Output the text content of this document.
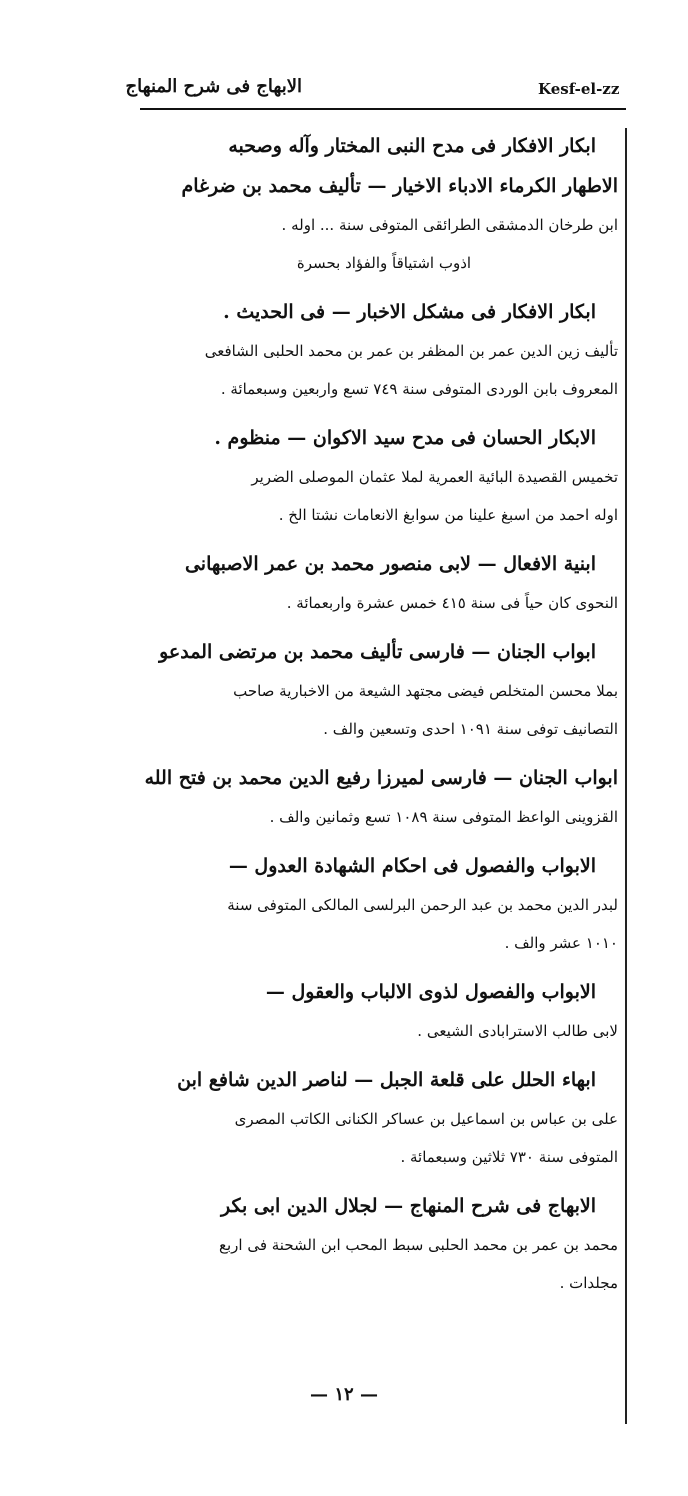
الابهاج فى شرح المنهاج	Kesf-el-zz

ابكار الافكار فى مدح النبى المختار وآله وصحبه

الاطهار الكرماء الادباء الاخيار — تأليف محمد بن ضرغام

ابن طرخان الدمشقى الطرائقى المتوفى سنة ... اوله .

اذوب اشتياقاً والفؤاد بحسرة

ابكار الافكار فى مشكل الاخبار — فى الحديث .

تأليف زين الدين عمر بن المظفر بن عمر بن محمد الحلبى الشافعى

المعروف بابن الوردى المتوفى سنة ٧٤٩ تسع واربعين وسبعمائة .

الابكار الحسان فى مدح سيد الاكوان — منظوم .

تخميس القصيدة البائية العمرية لملا عثمان الموصلى الضرير

اوله احمد من اسبغ علينا من سوابغ الانعامات نشتا الخ .

ابنية الافعال — لابى منصور محمد بن عمر الاصبهانى

النحوى كان حياً فى سنة ٤١٥ خمس عشرة واربعمائة .

ابواب الجنان — فارسى تأليف محمد بن مرتضى المدعو

بملا محسن المتخلص فيضى مجتهد الشيعة من الاخبارية صاحب

التصانيف توفى سنة ١٠٩١ احدى وتسعين والف .

ابواب الجنان — فارسى لميرزا رفيع الدين محمد بن فتح الله

القزوينى الواعظ المتوفى سنة ١٠٨٩ تسع وثمانين والف .

الابواب والفصول فى احكام الشهادة العدول —

لبدر الدين محمد بن عبد الرحمن البرلسى المالكى المتوفى سنة

١٠١٠ عشر والف .

الابواب والفصول لذوى الالباب والعقول —

لابى طالب الاسترابادى الشيعى .

ابهاء الحلل على قلعة الجبل — لناصر الدين شافع ابن

على بن عباس بن اسماعيل بن عساكر الكنانى الكاتب المصرى

المتوفى سنة ٧٣٠ ثلاثين وسبعمائة .

الابهاج فى شرح المنهاج — لجلال الدين ابى بكر

محمد بن عمر بن محمد الحلبى سبط المحب ابن الشحنة فى اربع

مجلدات .

— ١٢ —
